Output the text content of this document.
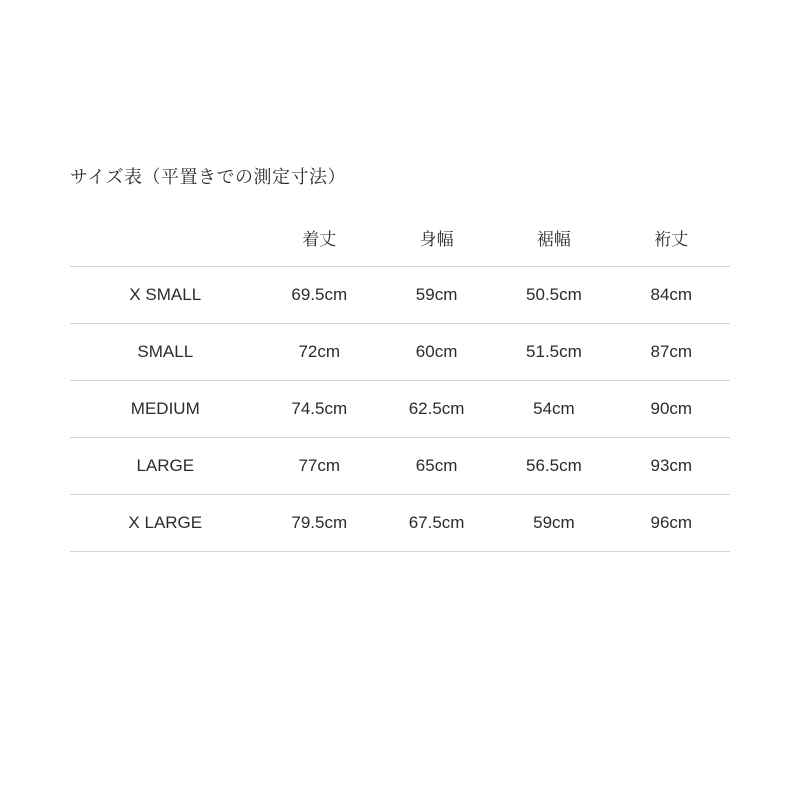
サイズ表（平置きでの測定寸法）
	着丈	身幅	裾幅	裄丈
X SMALL	69.5cm	59cm	50.5cm	84cm
SMALL	72cm	60cm	51.5cm	87cm
MEDIUM	74.5cm	62.5cm	54cm	90cm
LARGE	77cm	65cm	56.5cm	93cm
X LARGE	79.5cm	67.5cm	59cm	96cm
